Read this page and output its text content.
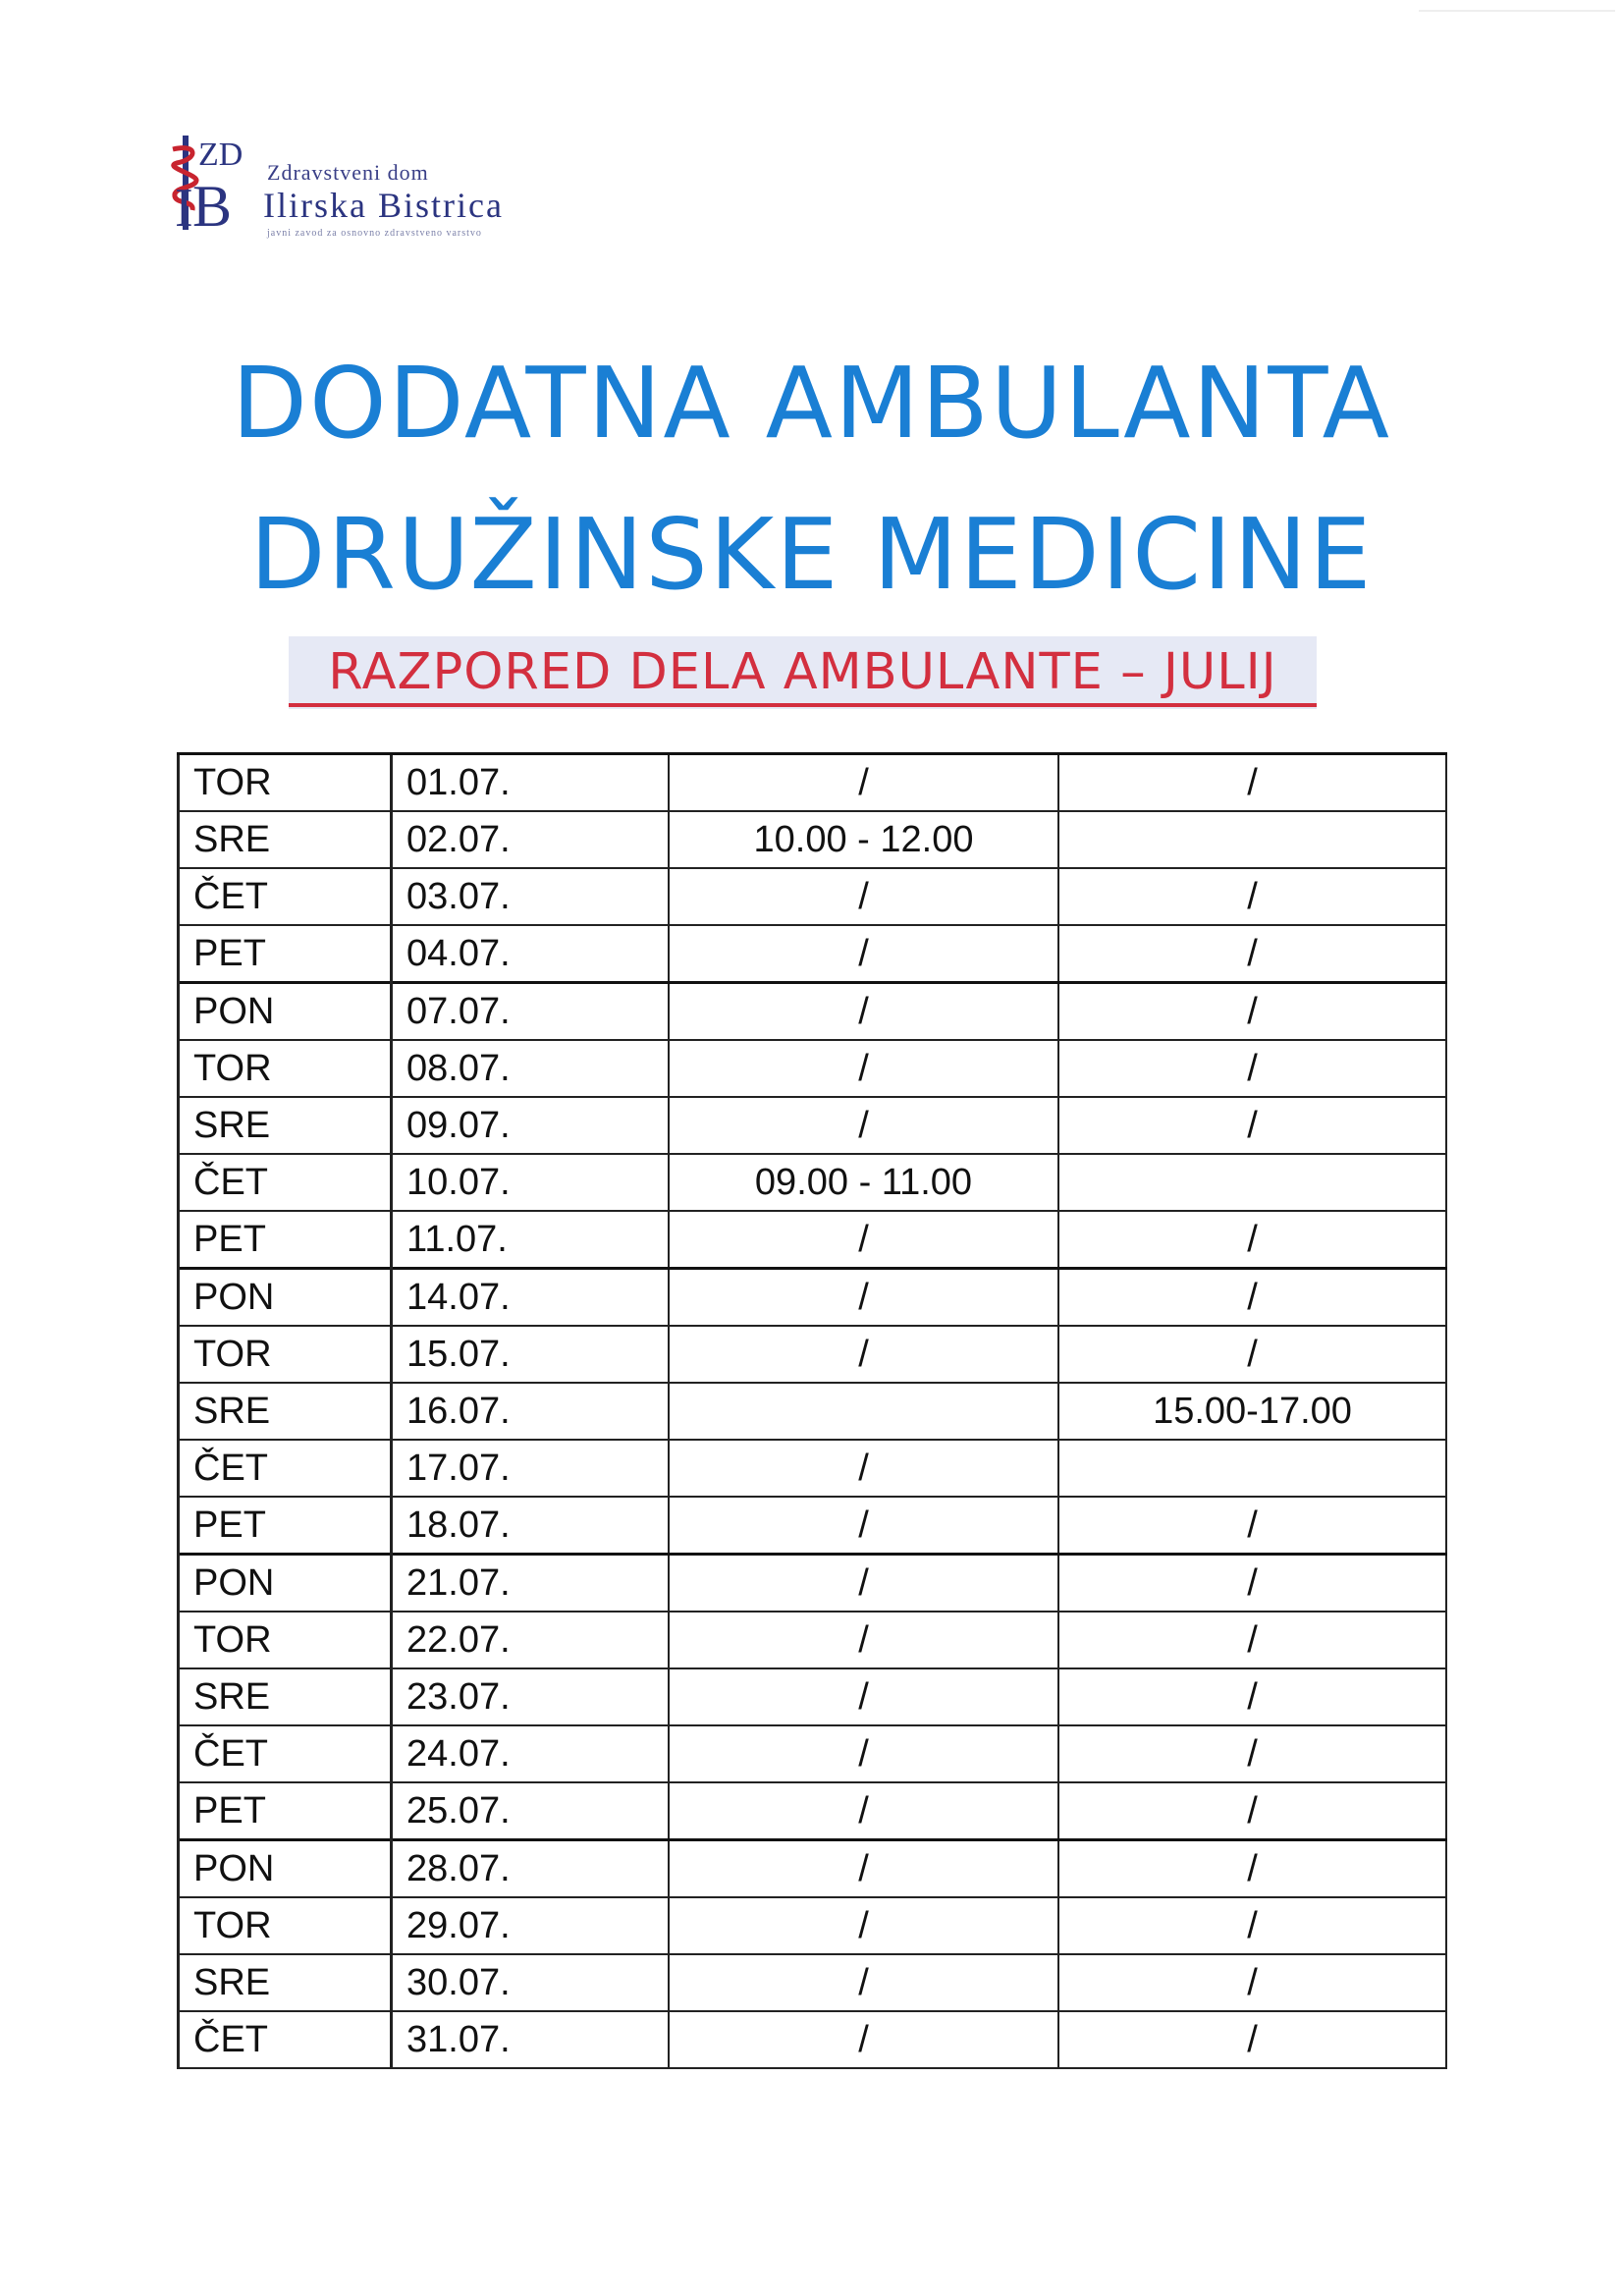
ZD
B
I
Zdravstveni dom
Ilirska Bistrica
javni zavod za osnovno zdravstveno varstvo
DODATNA AMBULANTA
DRUŽINSKE MEDICINE
RAZPORED DELA AMBULANTE – JULIJ
TOR	01.07.	/	/
SRE	02.07.	10.00 - 12.00	
ČET	03.07.	/	/
PET	04.07.	/	/
PON	07.07.	/	/
TOR	08.07.	/	/
SRE	09.07.	/	/
ČET	10.07.	09.00 - 11.00	
PET	11.07.	/	/
PON	14.07.	/	/
TOR	15.07.	/	/
SRE	16.07.		15.00-17.00
ČET	17.07.	/	
PET	18.07.	/	/
PON	21.07.	/	/
TOR	22.07.	/	/
SRE	23.07.	/	/
ČET	24.07.	/	/
PET	25.07.	/	/
PON	28.07.	/	/
TOR	29.07.	/	/
SRE	30.07.	/	/
ČET	31.07.	/	/
